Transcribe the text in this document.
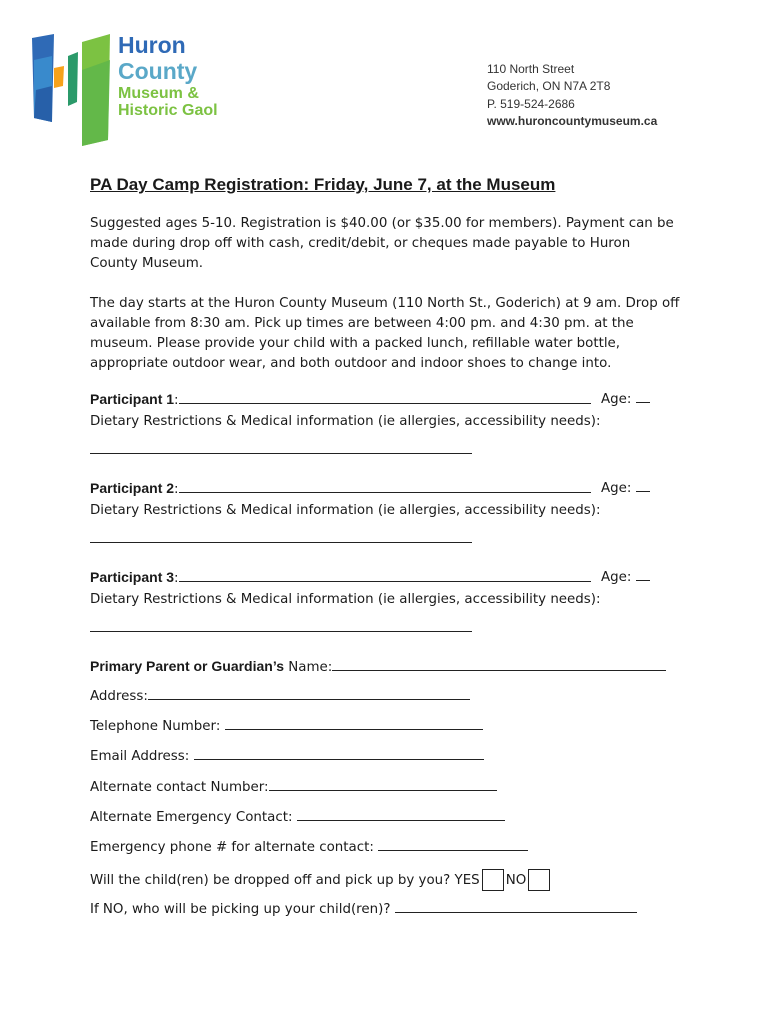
Huron
County
Museum &
Historic Gaol
110 North Street
Goderich, ON N7A 2T8
P. 519-524-2686
www.huroncountymuseum.ca
PA Day Camp Registration: Friday, June 7, at the Museum
Suggested ages 5-10. Registration is $40.00 (or $35.00 for members). Payment can be made during drop off with cash, credit/debit, or cheques made payable to Huron County Museum.
The day starts at the Huron County Museum (110 North St., Goderich) at 9 am. Drop off available from 8:30 am. Pick up times are between 4:00 pm. and 4:30 pm. at the museum. Please provide your child with a packed lunch, refillable water bottle, appropriate outdoor wear, and both outdoor and indoor shoes to change into.
Participant 1:	Age:
Dietary Restrictions & Medical information (ie allergies, accessibility needs):
Participant 2:	Age:
Dietary Restrictions & Medical information (ie allergies, accessibility needs):
Participant 3:	Age:
Dietary Restrictions & Medical information (ie allergies, accessibility needs):
Primary Parent or Guardian’s Name:
Address:
Telephone Number:
Email Address:
Alternate contact Number:
Alternate Emergency Contact:
Emergency phone # for alternate contact:
Will the child(ren) be dropped off and pick up by you? YES NO
If NO, who will be picking up your child(ren)?
